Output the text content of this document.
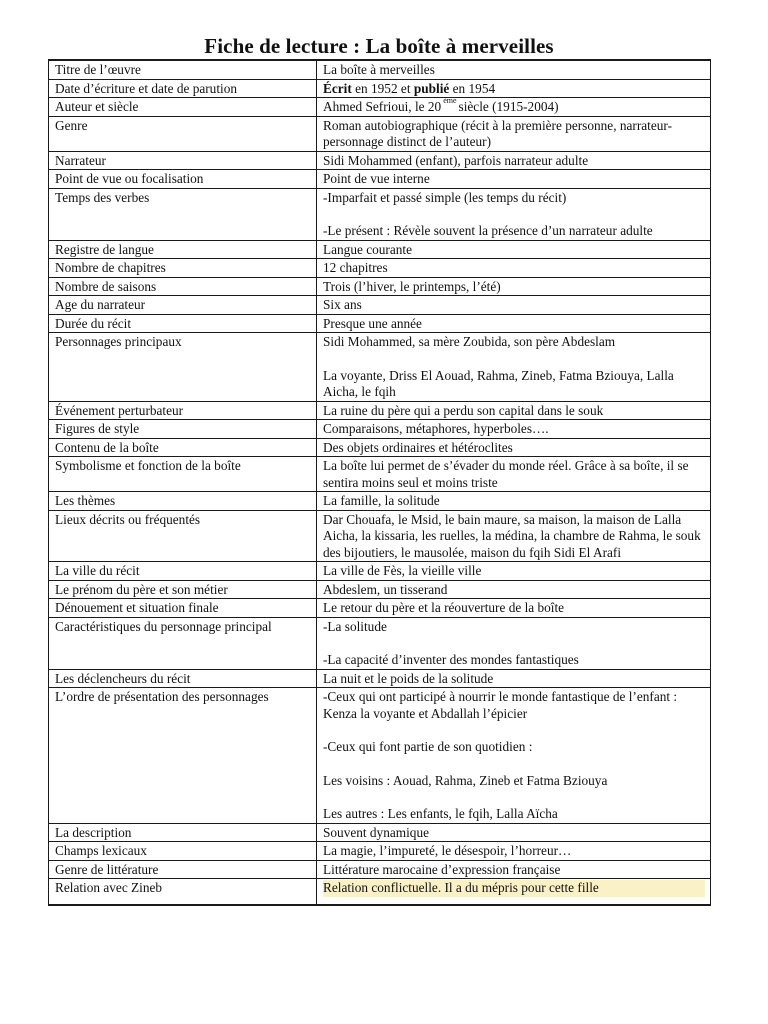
Fiche de lecture : La boîte à merveilles
Titre de l’œuvre	La boîte à merveilles
Date d’écriture et date de parution	Écrit en 1952 et publié en 1954
Auteur et siècle	Ahmed Sefrioui, le 20 $^{ème}$ siècle (1915-2004)
Genre	Roman autobiographique (récit à la première personne, narrateur-personnage distinct de l’auteur)
Narrateur	Sidi Mohammed (enfant), parfois narrateur adulte
Point de vue ou focalisation	Point de vue interne
Temps des verbes	-Imparfait et passé simple (les temps du récit)

-Le présent : Révèle souvent la présence d’un narrateur adulte

Registre de langue	Langue courante
Nombre de chapitres	12 chapitres
Nombre de saisons	Trois (l’hiver, le printemps, l’été)
Age du narrateur	Six ans
Durée du récit	Presque une année
Personnages principaux	Sidi Mohammed, sa mère Zoubida, son père Abdeslam

La voyante, Driss El Aouad, Rahma, Zineb, Fatma Bziouya, Lalla Aicha, le fqih

Événement perturbateur	La ruine du père qui a perdu son capital dans le souk
Figures de style	Comparaisons, métaphores, hyperboles….
Contenu de la boîte	Des objets ordinaires et hétéroclites
Symbolisme et fonction de la boîte	La boîte lui permet de s’évader du monde réel. Grâce à sa boîte, il se sentira moins seul et moins triste
Les thèmes	La famille, la solitude
Lieux décrits ou fréquentés	Dar Chouafa, le Msid, le bain maure, sa maison, la maison de Lalla Aicha, la kissaria, les ruelles, la médina, la chambre de Rahma, le souk des bijoutiers, le mausolée, maison du fqih Sidi El Arafi
La ville du récit	La ville de Fès, la vieille ville
Le prénom du père et son métier	Abdeslem, un tisserand
Dénouement et situation finale	Le retour du père et la réouverture de la boîte
Caractéristiques du personnage principal	-La solitude

-La capacité d’inventer des mondes fantastiques

Les déclencheurs du récit	La nuit et le poids de la solitude
L’ordre de présentation des personnages	-Ceux qui ont participé à nourrir le monde fantastique de l’enfant : Kenza la voyante et Abdallah l’épicier

-Ceux qui font partie de son quotidien :

Les voisins : Aouad, Rahma, Zineb et Fatma Bziouya

Les autres : Les enfants, le fqih, Lalla Aïcha

La description	Souvent dynamique
Champs lexicaux	La magie, l’impureté, le désespoir, l’horreur…
Genre de littérature	Littérature marocaine d’expression française
Relation avec Zineb	Relation conflictuelle. Il a du mépris pour cette fille
